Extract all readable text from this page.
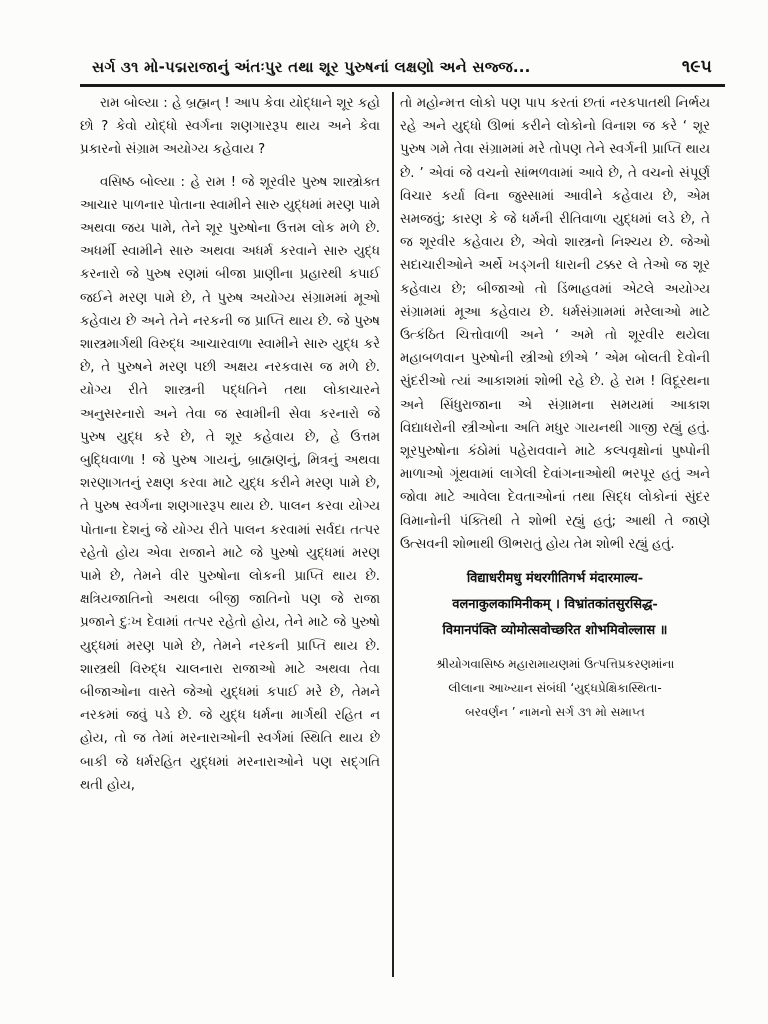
સર્ગ ૩૧ મો-પદ્મરાજાનું અંતઃપુર તથા શૂર પુરુષનાં લક્ષણો અને સજ્જ...	૧૯૫

રામ બોલ્યા : હે બ્રહ્મન્ ! આપ કેવા યોદ્ધાને શૂર કહો છો ? કેવો યોદ્ધો સ્વર્ગના શણગારરૂપ થાય અને કેવા પ્રકારનો સંગ્રામ અયોગ્ય કહેવાય ?

વસિષ્ઠ બોલ્યા : હે રામ ! જે શૂરવીર પુરુષ શાસ્ત્રોક્ત આચાર પાળનાર પોતાના સ્વામીને સારુ યુદ્ધમાં મરણ પામે અથવા જય પામે, તેને શૂર પુરુષોના ઉત્તમ લોક મળે છે. અધર્મી સ્વામીને સારુ અથવા અધર્મ કરવાને સારુ યુદ્ધ કરનારો જે પુરુષ રણમાં બીજા પ્રાણીના પ્રહારથી કપાઈ જઈને મરણ પામે છે, તે પુરુષ અયોગ્ય સંગ્રામમાં મૂઓ કહેવાય છે અને તેને નરકની જ પ્રાપ્તિ થાય છે. જે પુરુષ શાસ્ત્રમાર્ગથી વિરુદ્ધ આચારવાળા સ્વામીને સારુ યુદ્ધ કરે છે, તે પુરુષને મરણ પછી અક્ષય નરકવાસ જ મળે છે. યોગ્ય રીતે શાસ્ત્રની પદ્ધતિને તથા લોકાચારને અનુસરનારો અને તેવા જ સ્વામીની સેવા કરનારો જે પુરુષ યુદ્ધ કરે છે, તે શૂર કહેવાય છે, હે ઉત્તમ બુદ્ધિવાળા ! જે પુરુષ ગાયનું, બ્રાહ્મણનું, મિત્રનું અથવા શરણાગતનું રક્ષણ કરવા માટે યુદ્ધ કરીને મરણ પામે છે, તે પુરુષ સ્વર્ગના શણગારરૂપ થાય છે. પાલન કરવા યોગ્ય પોતાના દેશનું જે યોગ્ય રીતે પાલન કરવામાં સર્વદા તત્પર રહેતો હોય એવા રાજાને માટે જે પુરુષો યુદ્ધમાં મરણ પામે છે, તેમને વીર પુરુષોના લોકની પ્રાપ્તિ થાય છે. ક્ષત્રિયજાતિનો અથવા બીજી જાતિનો પણ જે રાજા પ્રજાને દુઃખ દેવામાં તત્પર રહેતો હોય, તેને માટે જે પુરુષો યુદ્ધમાં મરણ પામે છે, તેમને નરકની પ્રાપ્તિ થાય છે. શાસ્ત્રથી વિરુદ્ધ ચાલનારા રાજાઓ માટે અથવા તેવા બીજાઓના વાસ્તે જેઓ યુદ્ધમાં કપાઈ મરે છે, તેમને નરકમાં જવું પડે છે. જે યુદ્ધ ધર્મના માર્ગથી રહિત ન હોય, તો જ તેમાં મરનારાઓની સ્વર્ગમાં સ્થિતિ થાય છે બાકી જે ધર્મરહિત યુદ્ધમાં મરનારાઓને પણ સદ્ગતિ થતી હોય,

તો મહોન્મત્ત લોકો પણ પાપ કરતાં છતાં નરકપાતથી નિર્ભય રહે અને યુદ્ધો ઊભાં કરીને લોકોનો વિનાશ જ કરે ‘ શૂર પુરુષ ગમે તેવા સંગ્રામમાં મરે તોપણ તેને સ્વર્ગની પ્રાપ્તિ થાય છે. ’ એવાં જે વચનો સાંભળવામાં આવે છે, તે વચનો સંપૂર્ણ વિચાર કર્યા વિના જુસ્સામાં આવીને કહેવાય છે, એમ સમજવું; કારણ કે જે ધર્મની રીતિવાળા યુદ્ધમાં લડે છે, તે જ શૂરવીર કહેવાય છે, એવો શાસ્ત્રનો નિશ્ચય છે. જેઓ સદાચારીઓને અર્થે ખડ્ગની ધારાની ટક્કર લે તેઓ જ શૂર કહેવાય છે; બીજાઓ તો ડિંભાહવમાં એટલે અયોગ્ય સંગ્રામમાં મૂઆ કહેવાય છે. ધર્મસંગ્રામમાં મરેલાઓ માટે ઉત્કંઠિત ચિત્તોવાળી અને ‘ અમે તો શૂરવીર થયેલા મહાબળવાન પુરુષોની સ્ત્રીઓ છીએ ’ એમ બોલતી દેવોની સુંદરીઓ ત્યાં આકાશમાં શોભી રહે છે. હે રામ ! વિદૂરથના અને સિંધુરાજાના એ સંગ્રામના સમયમાં આકાશ વિદ્યાધરોની સ્ત્રીઓના અતિ મધુર ગાયનથી ગાજી રહ્યું હતું. શૂરપુરુષોના કંઠોમાં પહેરાવવાને માટે કલ્પવૃક્ષોનાં પુષ્પોની માળાઓ ગૂંથવામાં લાગેલી દેવાંગનાઓથી ભરપૂર હતું અને જોવા માટે આવેલા દેવતાઓનાં તથા સિદ્ધ લોકોનાં સુંદર વિમાનોની પંક્તિથી તે શોભી રહ્યું હતું; આથી તે જાણે ઉત્સવની શોભાથી ઊભરાતું હોય તેમ શોભી રહ્યું હતું.

विद्याधरीमधु मंथरगीतिगर्भ मंदारमाल्य-
वलनाकुलकामिनीकम् । विभ्रांतकांतसुरसिद्ध-
विमानपंक्ति व्योमोत्सवोच्छरित शोभमिवोल्लास ॥
શ્રીયોગવાસિષ્ઠ મહારામાયણમાં ઉત્પત્તિપ્રકરણમાંના
લીલાના આખ્યાન સંબંધી ‘યુદ્ધપ્રેક્ષિકાસ્થિતા-
બરવર્ણન ’ નામનો સર્ગ ૩૧ મો સમાપ્ત
